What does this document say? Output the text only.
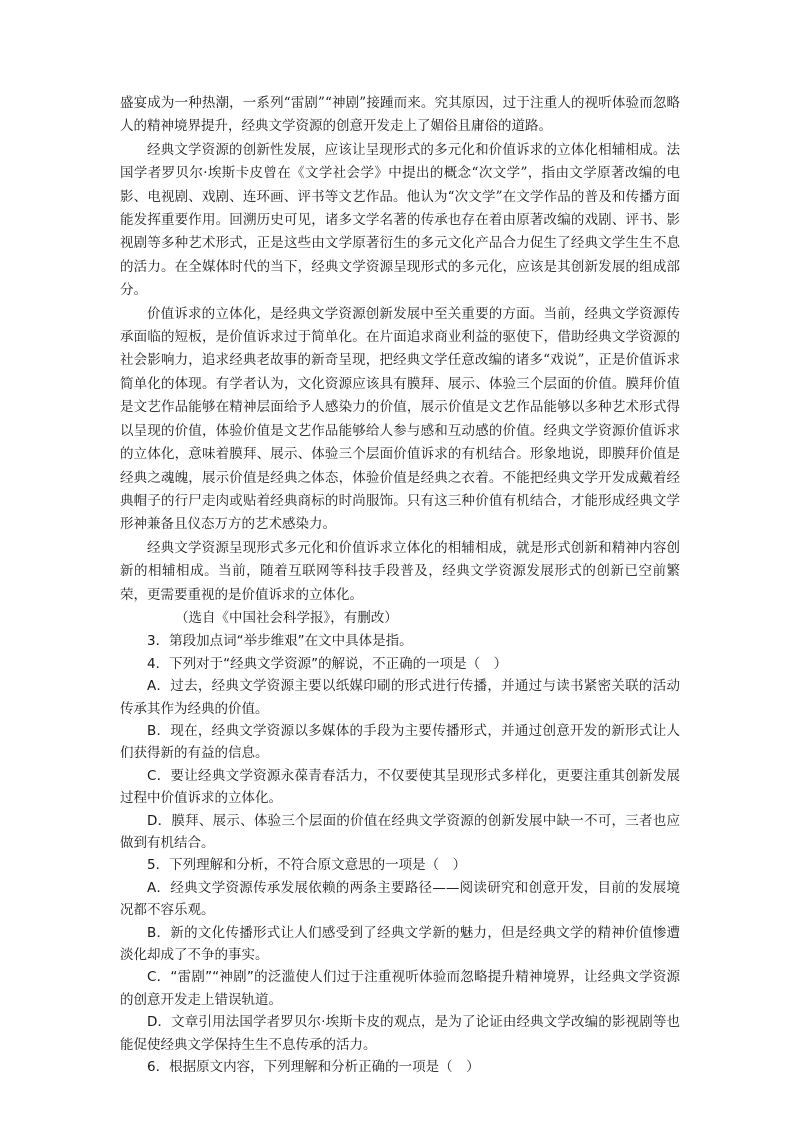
盛宴成为一种热潮，一系列“雷剧”“神剧”接踵而来。究其原因，过于注重人的视听体验而忽略人的精神境界提升，经典文学资源的创意开发走上了媚俗且庸俗的道路。

经典文学资源的创新性发展，应该让呈现形式的多元化和价值诉求的立体化相辅相成。法国学者罗贝尔·埃斯卡皮曾在《文学社会学》中提出的概念“次文学”，指由文学原著改编的电影、电视剧、戏剧、连环画、评书等文艺作品。他认为“次文学”在文学作品的普及和传播方面能发挥重要作用。回溯历史可见，诸多文学名著的传承也存在着由原著改编的戏剧、评书、影视剧等多种艺术形式，正是这些由文学原著衍生的多元文化产品合力促生了经典文学生生不息的活力。在全媒体时代的当下，经典文学资源呈现形式的多元化，应该是其创新发展的组成部分。

价值诉求的立体化，是经典文学资源创新发展中至关重要的方面。当前，经典文学资源传承面临的短板，是价值诉求过于简单化。在片面追求商业利益的驱使下，借助经典文学资源的社会影响力，追求经典老故事的新奇呈现，把经典文学任意改编的诸多“戏说”，正是价值诉求简单化的体现。有学者认为，文化资源应该具有膜拜、展示、体验三个层面的价值。膜拜价值是文艺作品能够在精神层面给予人感染力的价值，展示价值是文艺作品能够以多种艺术形式得以呈现的价值，体验价值是文艺作品能够给人参与感和互动感的价值。经典文学资源价值诉求的立体化，意味着膜拜、展示、体验三个层面价值诉求的有机结合。形象地说，即膜拜价值是经典之魂魄，展示价值是经典之体态，体验价值是经典之衣着。不能把经典文学开发成戴着经典帽子的行尸走肉或贴着经典商标的时尚服饰。只有这三种价值有机结合，才能形成经典文学形神兼备且仪态万方的艺术感染力。

经典文学资源呈现形式多元化和价值诉求立体化的相辅相成，就是形式创新和精神内容创新的相辅相成。当前，随着互联网等科技手段普及，经典文学资源发展形式的创新已空前繁荣，更需要重视的是价值诉求的立体化。

（选自《中国社会科学报》，有删改）

3．第段加点词“举步维艰”在文中具体是指。

4．下列对于“经典文学资源”的解说，不正确的一项是（　）

A．过去，经典文学资源主要以纸媒印刷的形式进行传播，并通过与读书紧密关联的活动传承其作为经典的价值。

B．现在，经典文学资源以多媒体的手段为主要传播形式，并通过创意开发的新形式让人们获得新的有益的信息。

C．要让经典文学资源永葆青春活力，不仅要使其呈现形式多样化，更要注重其创新发展过程中价值诉求的立体化。

D．膜拜、展示、体验三个层面的价值在经典文学资源的创新发展中缺一不可，三者也应做到有机结合。

5．下列理解和分析，不符合原文意思的一项是（　）

A．经典文学资源传承发展依赖的两条主要路径——阅读研究和创意开发，目前的发展境况都不容乐观。

B．新的文化传播形式让人们感受到了经典文学新的魅力，但是经典文学的精神价值惨遭淡化却成了不争的事实。

C．“雷剧”“神剧”的泛滥使人们过于注重视听体验而忽略提升精神境界，让经典文学资源的创意开发走上错误轨道。

D．文章引用法国学者罗贝尔·埃斯卡皮的观点，是为了论证由经典文学改编的影视剧等也能促使经典文学保持生生不息传承的活力。

6．根据原文内容，下列理解和分析正确的一项是（　）
